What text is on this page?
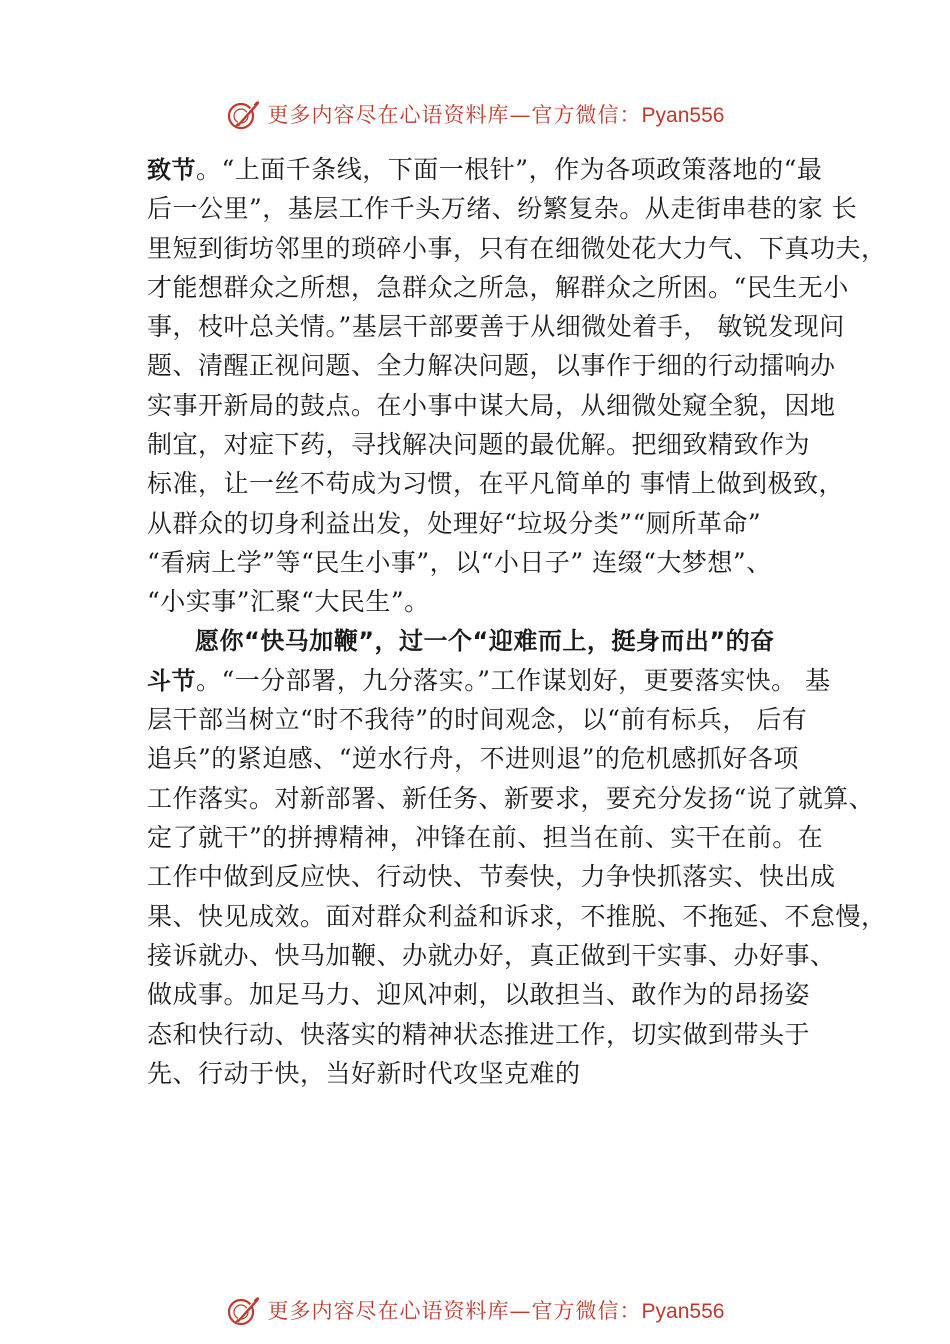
更多内容尽在心语资料库—官方微信：Pyan556
致节。“上面千条线，下面一根针”，作为各项政策落地的“最
后一公里”，基层工作千头万绪、纷繁复杂。从走街串巷的家 长
里短到街坊邻里的琐碎小事，只有在细微处花大力气、下真功夫，
才能想群众之所想，急群众之所急，解群众之所困。“民生无小
事，枝叶总关情。”基层干部要善于从细微处着手， 敏锐发现问
题、清醒正视问题、全力解决问题，以事作于细的行动擂响办
实事开新局的鼓点。在小事中谋大局，从细微处窥全貌，因地
制宜，对症下药，寻找解决问题的最优解。把细致精致作为
标准，让一丝不苟成为习惯，在平凡简单的 事情上做到极致，
从群众的切身利益出发，处理好“垃圾分类”“厕所革命”
“看病上学”等“民生小事”，以“小日子” 连缀“大梦想”、
“小实事”汇聚“大民生”。
愿你“快马加鞭”，过一个“迎难而上，挺身而出”的奋
斗节。“一分部署，九分落实。”工作谋划好，更要落实快。 基
层干部当树立“时不我待”的时间观念，以“前有标兵， 后有
追兵”的紧迫感、“逆水行舟，不进则退”的危机感抓好各项
工作落实。对新部署、新任务、新要求，要充分发扬“说了就算、
定了就干”的拼搏精神，冲锋在前、担当在前、实干在前。在
工作中做到反应快、行动快、节奏快，力争快抓落实、快出成
果、快见成效。面对群众利益和诉求，不推脱、不拖延、不怠慢，
接诉就办、快马加鞭、办就办好，真正做到干实事、办好事、
做成事。加足马力、迎风冲刺，以敢担当、敢作为的昂扬姿
态和快行动、快落实的精神状态推进工作，切实做到带头于
先、行动于快，当好新时代攻坚克难的
更多内容尽在心语资料库—官方微信：Pyan556
